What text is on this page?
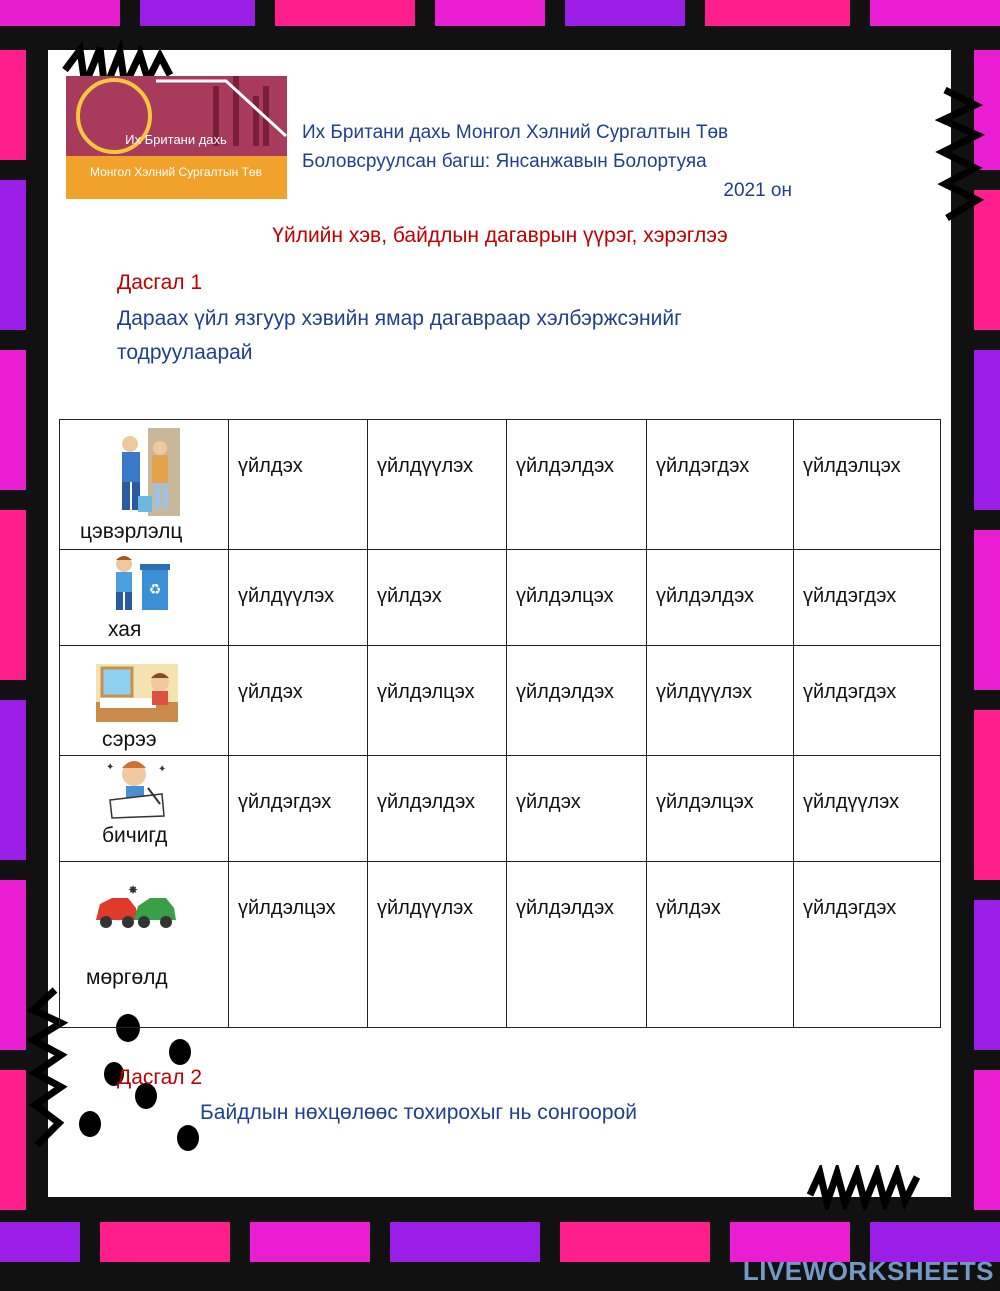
Их Британи дахь
Монгол Хэлний Сургалтын Төв
Их Британи дахь Монгол Хэлний Сургалтын Төв
Боловсруулсан багш: Янсанжавын Болортуяа
2021 он
Үйлийн хэв, байдлын дагаврын үүрэг, хэрэглээ
Дасгал 1
Дараах үйл язгуур хэвийн ямар дагавраар хэлбэржсэнийг
тодруулаарай
цэвэрлэлц	үйлдэх	үйлдүүлэх	үйлдэлдэх	үйлдэгдэх	үйлдэлцэх

♻
хая	үйлдүүлэх	үйлдэх	үйлдэлцэх	үйлдэлдэх	үйлдэгдэх

сэрээ	үйлдэх	үйлдэлцэх	үйлдэлдэх	үйлдүүлэх	үйлдэгдэх

✦ ✦
бичигд	үйлдэгдэх	үйлдэлдэх	үйлдэх	үйлдэлцэх	үйлдүүлэх

✸
мөргөлд	үйлдэлцэх	үйлдүүлэх	үйлдэлдэх	үйлдэх	үйлдэгдэх
Дасгал 2
Байдлын нөхцөлөөс тохирохыг нь сонгоорой
LIVEWORKSHEETS
